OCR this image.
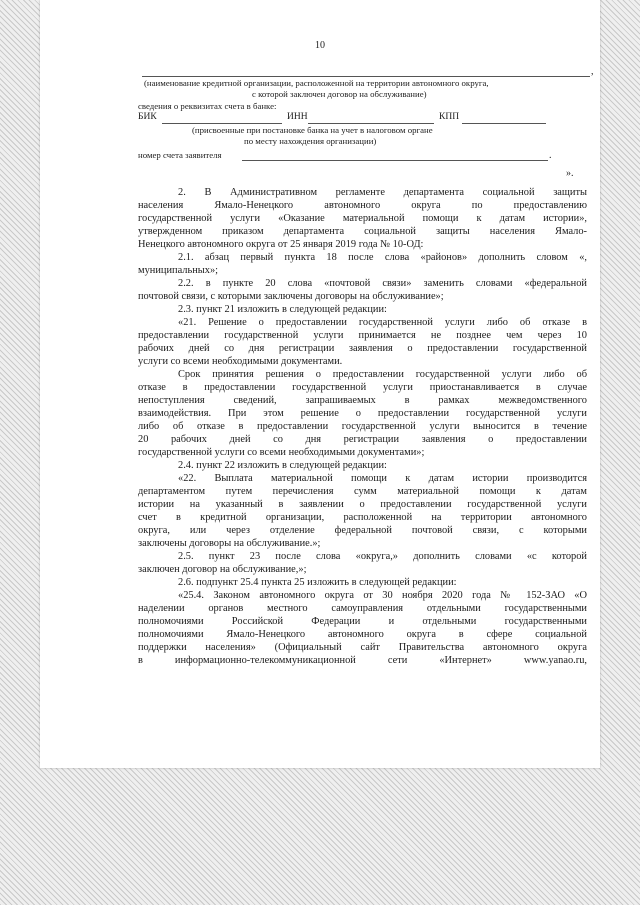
10
,
(наименование кредитной организации, расположенной на территории автономного округа,
с которой заключен договор на обслуживание)
сведения о реквизитах счета в банке:
БИК	ИНН	КПП
(присвоенные при постановке банка на учет в налоговом органе
по месту нахождения организации)
номер счета заявителя	.
».
2. В Административном регламенте департамента социальной защиты
населения Ямало-Ненецкого автономного округа по предоставлению
государственной услуги «Оказание материальной помощи к датам истории»,
утвержденном приказом департамента социальной защиты населения Ямало-
Ненецкого автономного округа от 25 января 2019 года № 10-ОД:
2.1. абзац первый пункта 18 после слова «районов» дополнить словом «,
муниципальных»;
2.2. в пункте 20 слова «почтовой связи» заменить словами «федеральной
почтовой связи, с которыми заключены договоры на обслуживание»;
2.3. пункт 21 изложить в следующей редакции:
«21. Решение о предоставлении государственной услуги либо об отказе в
предоставлении государственной услуги принимается не позднее чем через 10
рабочих дней со дня регистрации заявления о предоставлении государственной
услуги со всеми необходимыми документами.
Срок принятия решения о предоставлении государственной услуги либо об
отказе в предоставлении государственной услуги приостанавливается в случае
непоступления сведений, запрашиваемых в рамках межведомственного
взаимодействия. При этом решение о предоставлении государственной услуги
либо об отказе в предоставлении государственной услуги выносится в течение
20 рабочих дней со дня регистрации заявления о предоставлении
государственной услуги со всеми необходимыми документами»;
2.4. пункт 22 изложить в следующей редакции:
«22. Выплата материальной помощи к датам истории производится
департаментом путем перечисления сумм материальной помощи к датам
истории на указанный в заявлении о предоставлении государственной услуги
счет в кредитной организации, расположенной на территории автономного
округа, или через отделение федеральной почтовой связи, с которыми
заключены договоры на обслуживание.»;
2.5. пункт 23 после слова «округа,» дополнить словами «с которой
заключен договор на обслуживание,»;
2.6. подпункт 25.4 пункта 25 изложить в следующей редакции:
«25.4. Законом автономного округа от 30 ноября 2020 года № 152-ЗАО «О
наделении органов местного самоуправления отдельными государственными
полномочиями Российской Федерации и отдельными государственными
полномочиями Ямало-Ненецкого автономного округа в сфере социальной
поддержки населения» (Официальный сайт Правительства автономного округа
в информационно-телекоммуникационной сети «Интернет» www.yanao.ru,
